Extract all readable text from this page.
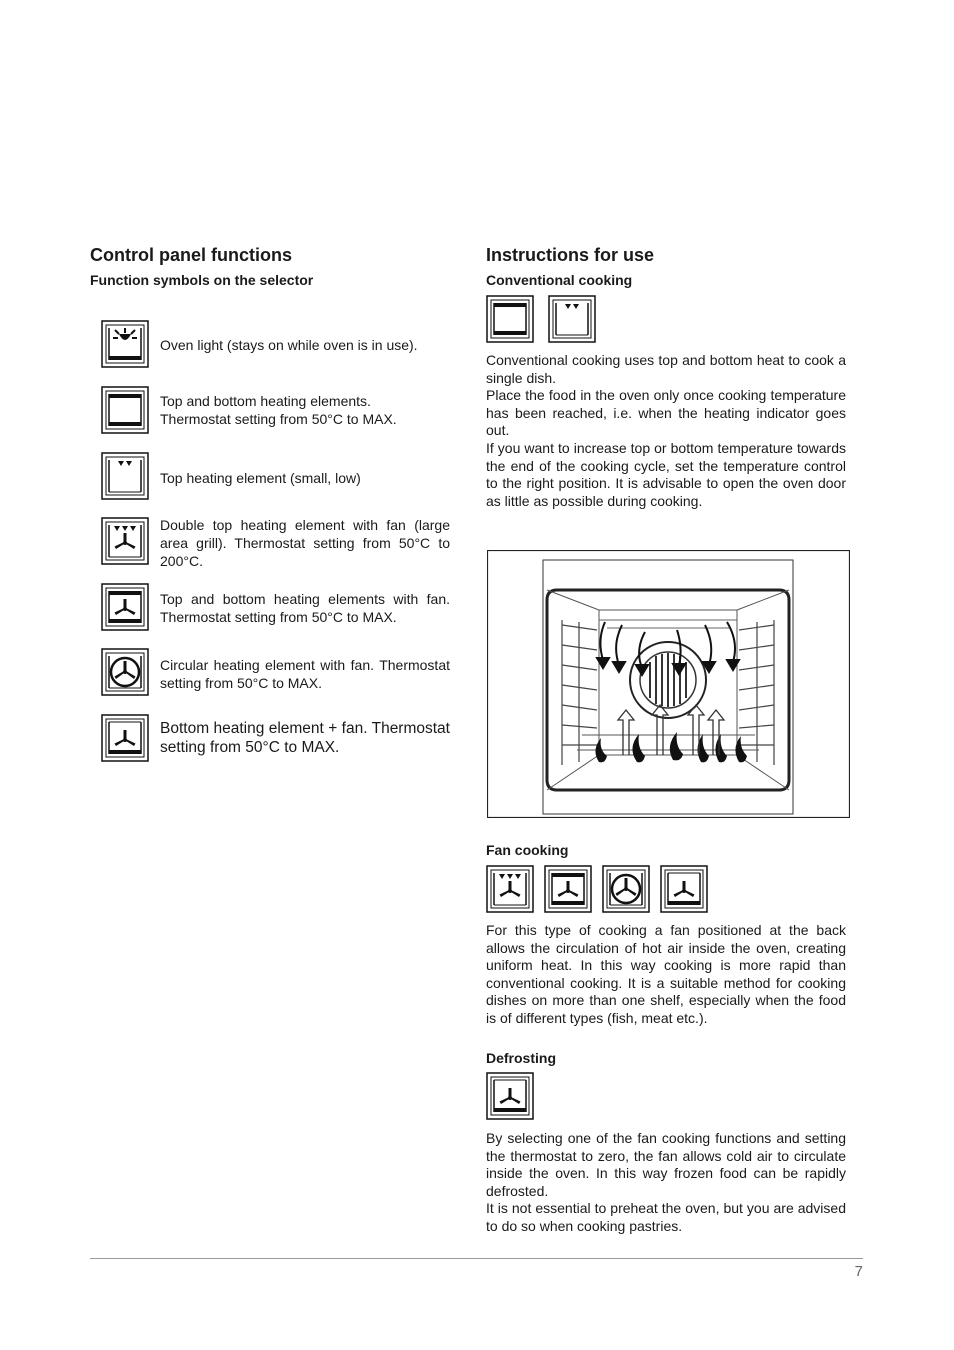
Control panel functions
Function symbols on the selector
Oven light (stays on while oven is in use).
Top and bottom heating elements. Thermostat setting from 50°C to MAX.
Top heating element (small, low)
Double top heating element with fan (large area grill). Thermostat setting from 50°C to 200°C.
Top and bottom heating elements with fan. Thermostat setting from 50°C to MAX.
Circular heating element with fan. Thermostat setting from 50°C to MAX.
Bottom heating element + fan. Thermostat setting from 50°C to MAX.
Instructions for use
Conventional cooking

Conventional cooking uses top and bottom heat to cook a single dish.

Place the food in the oven only once cooking temperature has been reached, i.e. when the heating indicator goes out.

If you want to increase top or bottom temperature towards the end of the cooking cycle, set the temperature control to the right position. It is advisable to open the oven door as little as possible during cooking.

Fan cooking

For this type of cooking a fan positioned at the back allows the circulation of hot air inside the oven, creating uniform heat. In this way cooking is more rapid than conventional cooking. It is a suitable method for cooking dishes on more than one shelf, especially when the food is of different types (fish, meat etc.).

Defrosting

By selecting one of the fan cooking functions and setting the thermostat to zero, the fan allows cold air to circulate inside the oven. In this way frozen food can be rapidly defrosted.

It is not essential to preheat the oven, but you are advised to do so when cooking pastries.

7
